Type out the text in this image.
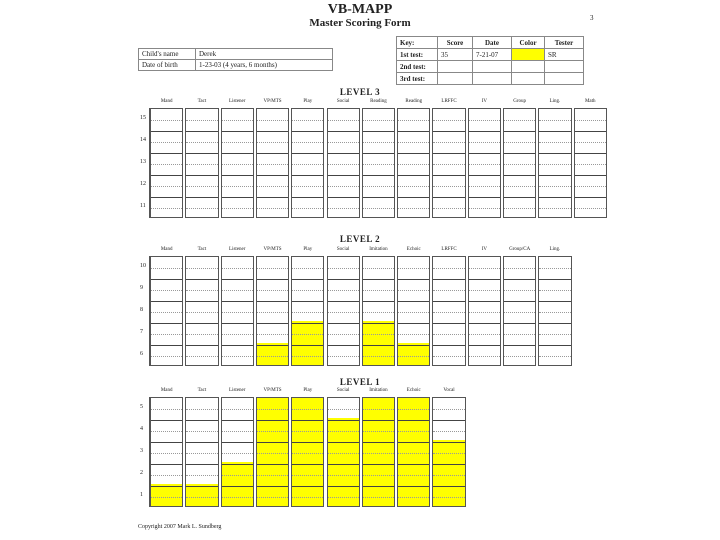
VB-MAPP
Master Scoring Form	3
Child's name	Derek
Date of birth	1-23-03 (4 years, 6 months)
Key:	Score	Date	Color	Tester
1st test:	35	7-21-07		SR
2nd test:				
3rd test:				
LEVEL 3
LEVEL 2
LEVEL 1
Mand	Tact	Listener	VP/MTS	Play	Social	Reading	Reading	LRFFC	IV	Group	Ling.	Math
15
14
13
12
11
Mand	Tact	Listener	VP/MTS	Play	Social	Imitation	Echoic	LRFFC	IV	Group/CA	Ling.
10
9
8
7
6
Mand	Tact	Listener	VP/MTS	Play	Social	Imitation	Echoic	Vocal
5
4
3
2
1
Copyright 2007 Mark L. Sundberg
